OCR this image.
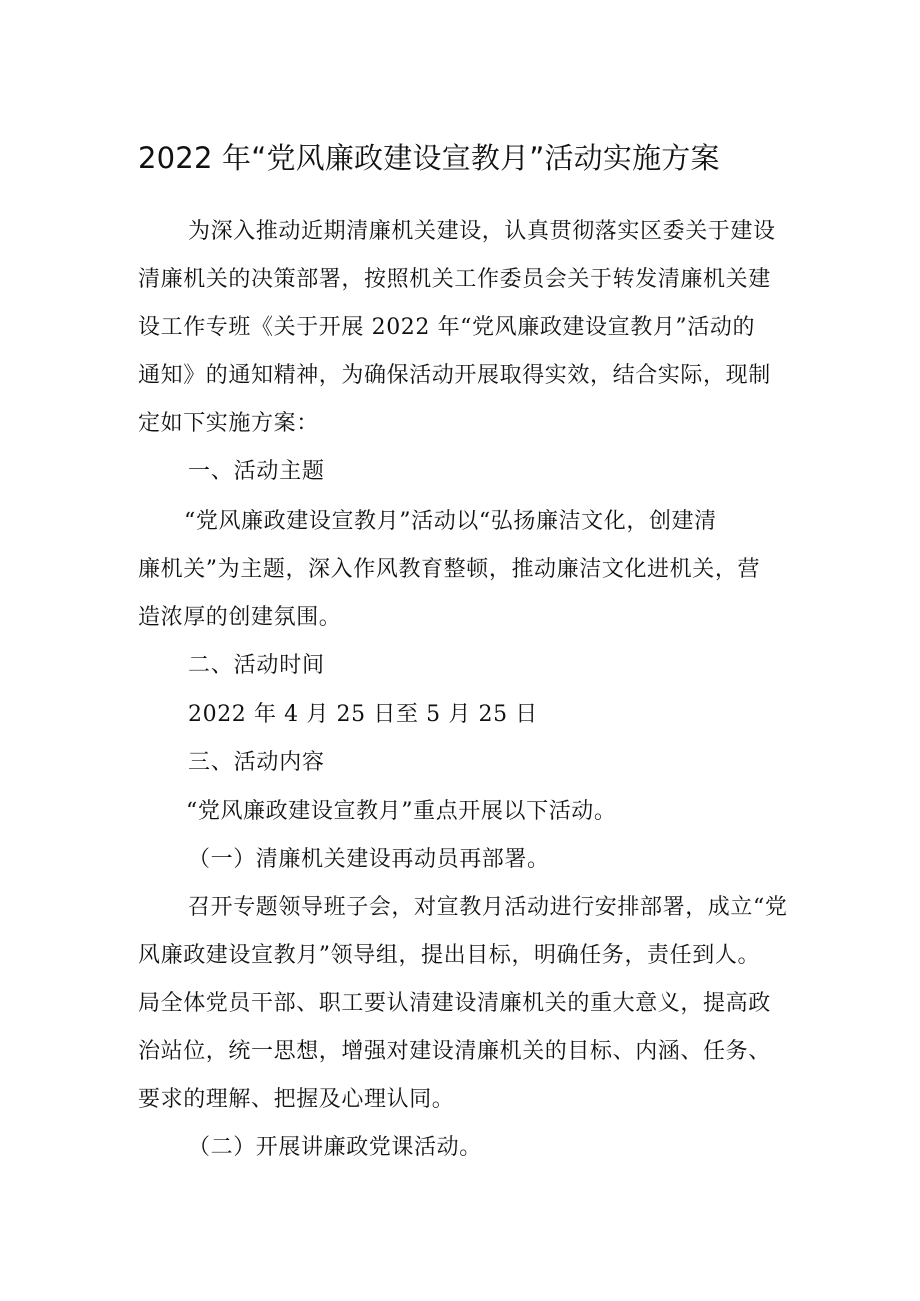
2022 年“党风廉政建设宣教月”活动实施方案
为深入推动近期清廉机关建设，认真贯彻落实区委关于建设
清廉机关的决策部署，按照机关工作委员会关于转发清廉机关建
设工作专班《关于开展 2022 年“党风廉政建设宣教月”活动的
通知》的通知精神，为确保活动开展取得实效，结合实际，现制
定如下实施方案：
一、活动主题
“党风廉政建设宣教月”活动以“弘扬廉洁文化，创建清
廉机关”为主题，深入作风教育整顿，推动廉洁文化进机关，营
造浓厚的创建氛围。
二、活动时间
2022 年 4 月 25 日至 5 月 25 日
三、活动内容
“党风廉政建设宣教月”重点开展以下活动。
（一）清廉机关建设再动员再部署。
召开专题领导班子会，对宣教月活动进行安排部署，成立“党
风廉政建设宣教月”领导组，提出目标，明确任务，责任到人。
局全体党员干部、职工要认清建设清廉机关的重大意义，提高政
治站位，统一思想，增强对建设清廉机关的目标、内涵、任务、
要求的理解、把握及心理认同。
（二）开展讲廉政党课活动。
